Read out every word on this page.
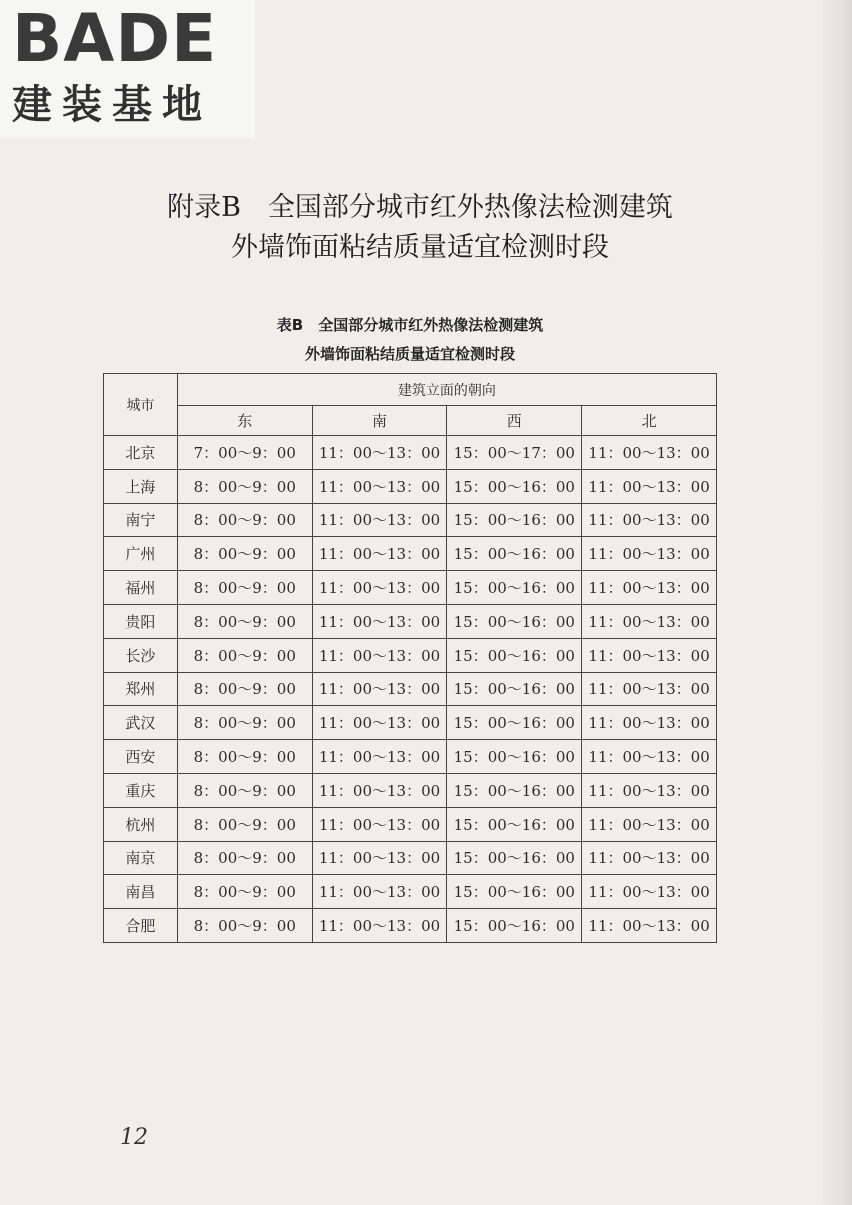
BADE
建装基地
附录B　全国部分城市红外热像法检测建筑
外墙饰面粘结质量适宜检测时段
表B　全国部分城市红外热像法检测建筑
外墙饰面粘结质量适宜检测时段
城市	建筑立面的朝向			
	东	南	西	北
北京	7：00～9：00	11：00～13：00	15：00～17：00	11：00～13：00
上海	8：00～9：00	11：00～13：00	15：00～16：00	11：00～13：00
南宁	8：00～9：00	11：00～13：00	15：00～16：00	11：00～13：00
广州	8：00～9：00	11：00～13：00	15：00～16：00	11：00～13：00
福州	8：00～9：00	11：00～13：00	15：00～16：00	11：00～13：00
贵阳	8：00～9：00	11：00～13：00	15：00～16：00	11：00～13：00
长沙	8：00～9：00	11：00～13：00	15：00～16：00	11：00～13：00
郑州	8：00～9：00	11：00～13：00	15：00～16：00	11：00～13：00
武汉	8：00～9：00	11：00～13：00	15：00～16：00	11：00～13：00
西安	8：00～9：00	11：00～13：00	15：00～16：00	11：00～13：00
重庆	8：00～9：00	11：00～13：00	15：00～16：00	11：00～13：00
杭州	8：00～9：00	11：00～13：00	15：00～16：00	11：00～13：00
南京	8：00～9：00	11：00～13：00	15：00～16：00	11：00～13：00
南昌	8：00～9：00	11：00～13：00	15：00～16：00	11：00～13：00
合肥	8：00～9：00	11：00～13：00	15：00～16：00	11：00～13：00
12
